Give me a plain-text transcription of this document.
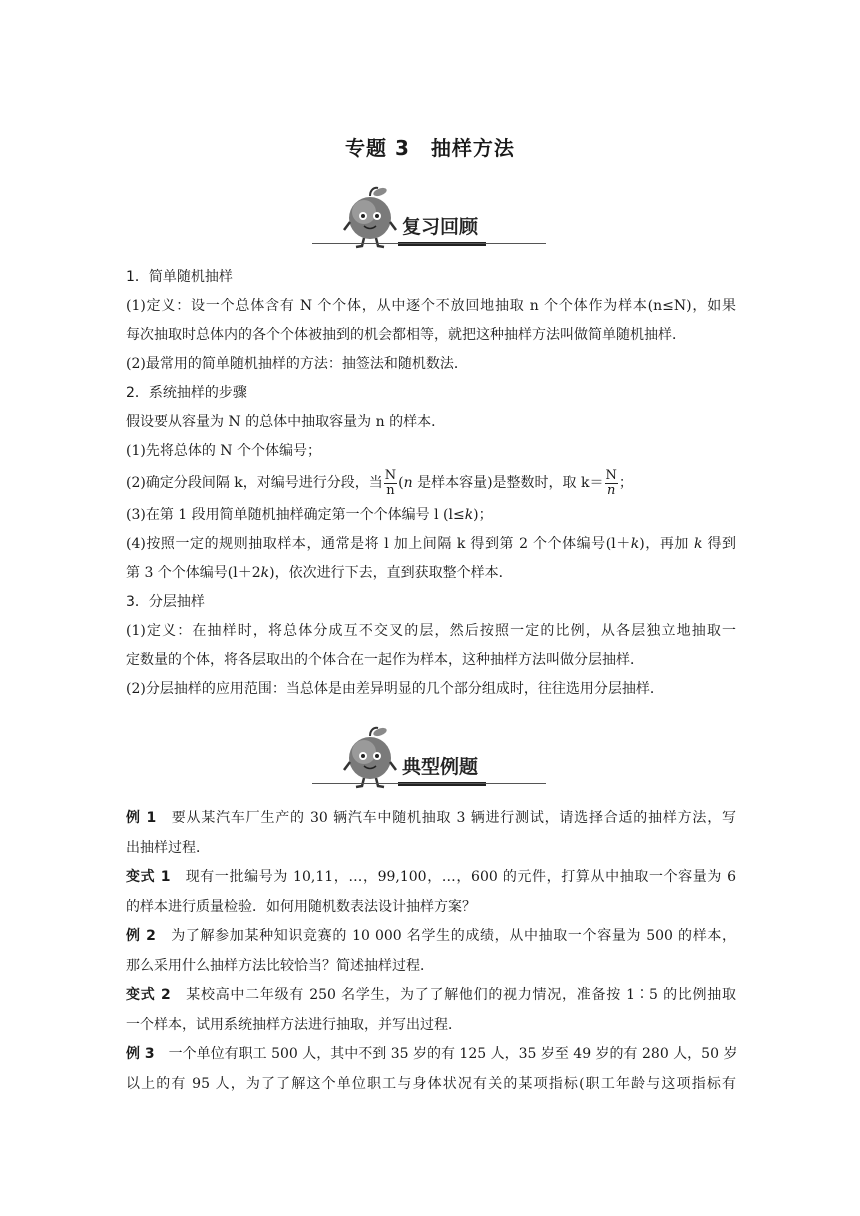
专题 3　抽样方法
复习回顾
1．简单随机抽样
(1)定义：设一个总体含有 N 个个体，从中逐个不放回地抽取 n 个个体作为样本(n≤N)，如果
每次抽取时总体内的各个个体被抽到的机会都相等，就把这种抽样方法叫做简单随机抽样．
(2)最常用的简单随机抽样的方法：抽签法和随机数法．
2．系统抽样的步骤
假设要从容量为 N 的总体中抽取容量为 n 的样本．
(1)先将总体的 N 个个体编号；
(2)确定分段间隔 k，对编号进行分段，当 $\frac{N}{n} (n$ 是样本容量)是整数时，取 $k= \frac{N}{n}$ ；
(3)在第 1 段用简单随机抽样确定第一个个体编号 l (l≤k)；
(4)按照一定的规则抽取样本，通常是将 l 加上间隔 k 得到第 2 个个体编号(l＋k)，再加 k 得到
第 3 个个体编号(l＋2k)，依次进行下去，直到获取整个样本．
3．分层抽样
(1)定义：在抽样时，将总体分成互不交叉的层，然后按照一定的比例，从各层独立地抽取一
定数量的个体，将各层取出的个体合在一起作为样本，这种抽样方法叫做分层抽样．
(2)分层抽样的应用范围：当总体是由差异明显的几个部分组成时，往往选用分层抽样．
典型例题
例 1　要从某汽车厂生产的 30 辆汽车中随机抽取 3 辆进行测试，请选择合适的抽样方法，写
出抽样过程．
变式 1　现有一批编号为 10,11，…，99,100，…，600 的元件，打算从中抽取一个容量为 6
的样本进行质量检验．如何用随机数表法设计抽样方案？
例 2　为了解参加某种知识竞赛的 10 000 名学生的成绩，从中抽取一个容量为 500 的样本，
那么采用什么抽样方法比较恰当？简述抽样过程．
变式 2　某校高中二年级有 250 名学生，为了了解他们的视力情况，准备按 1∶5 的比例抽取
一个样本，试用系统抽样方法进行抽取，并写出过程．
例 3　一个单位有职工 500 人，其中不到 35 岁的有 125 人，35 岁至 49 岁的有 280 人，50 岁
以上的有 95 人，为了了解这个单位职工与身体状况有关的某项指标(职工年龄与这项指标有
